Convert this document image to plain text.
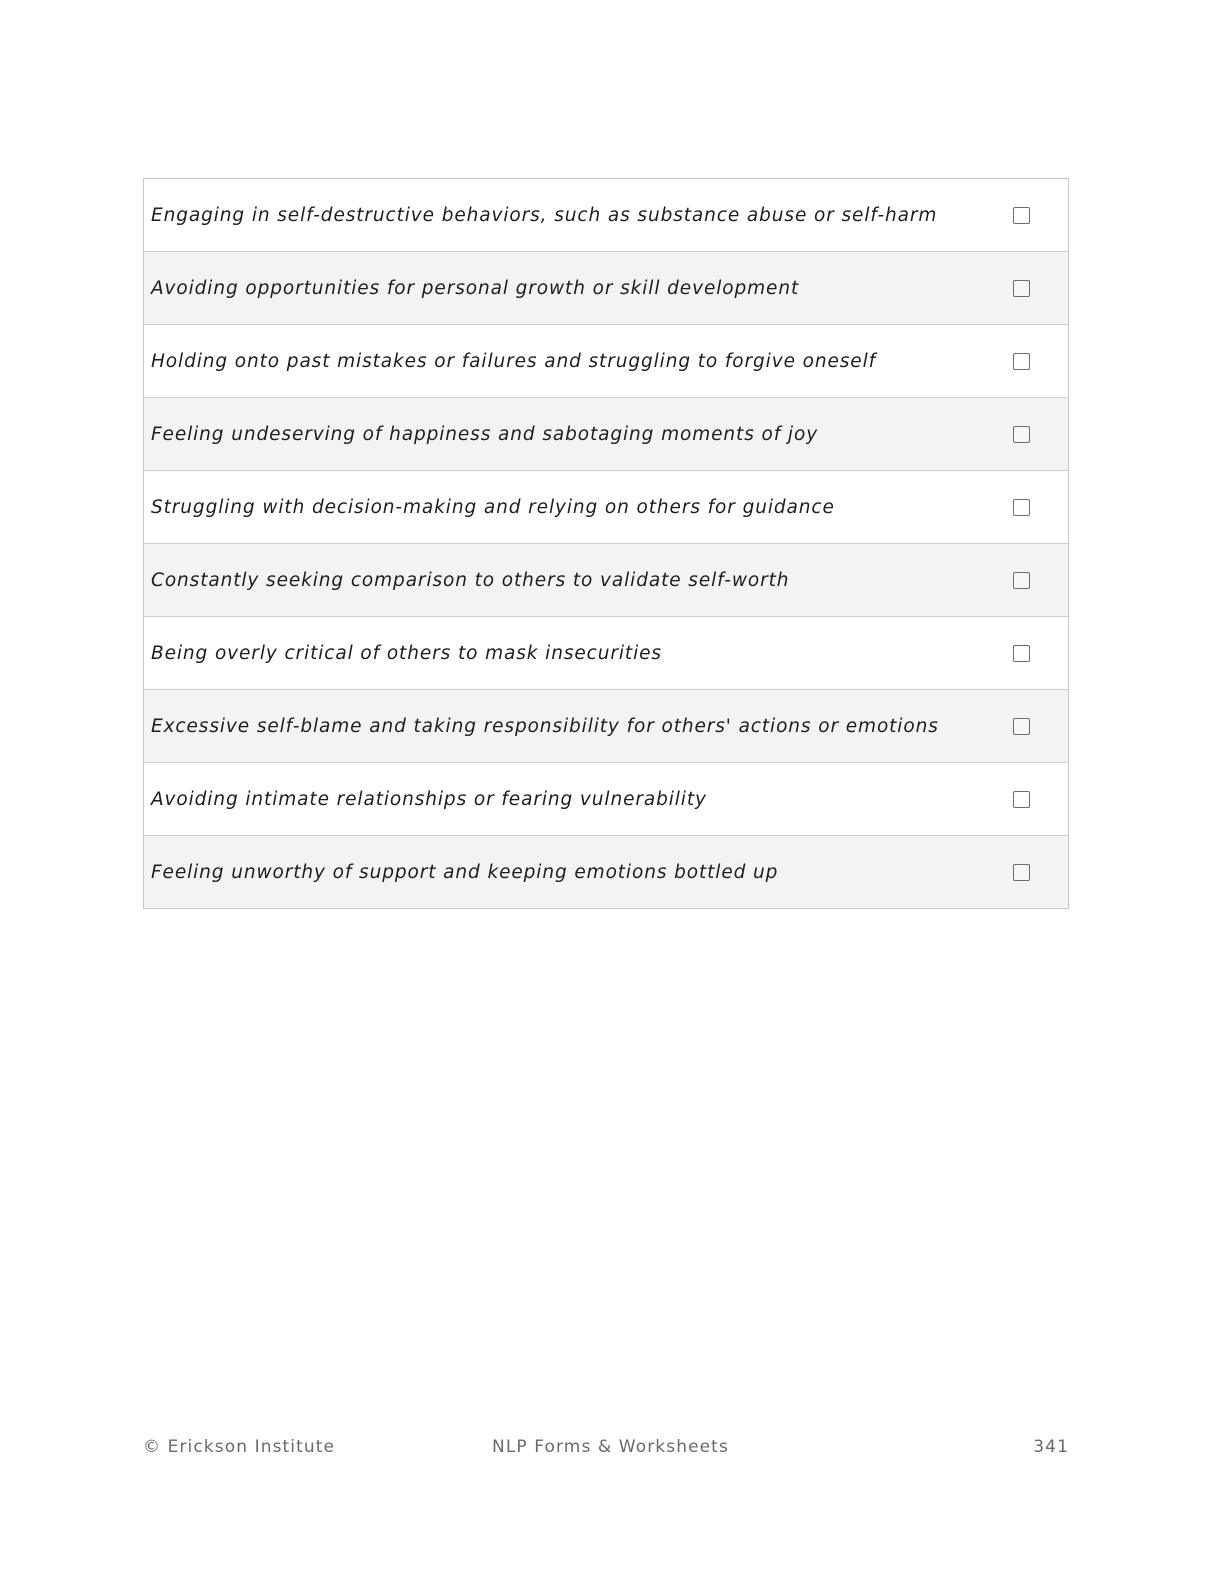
Engaging in self-destructive behaviors, such as substance abuse or self-harm
Avoiding opportunities for personal growth or skill development
Holding onto past mistakes or failures and struggling to forgive oneself
Feeling undeserving of happiness and sabotaging moments of joy
Struggling with decision-making and relying on others for guidance
Constantly seeking comparison to others to validate self-worth
Being overly critical of others to mask insecurities
Excessive self-blame and taking responsibility for others' actions or emotions
Avoiding intimate relationships or fearing vulnerability
Feeling unworthy of support and keeping emotions bottled up
© Erickson Institute	NLP Forms & Worksheets	341
